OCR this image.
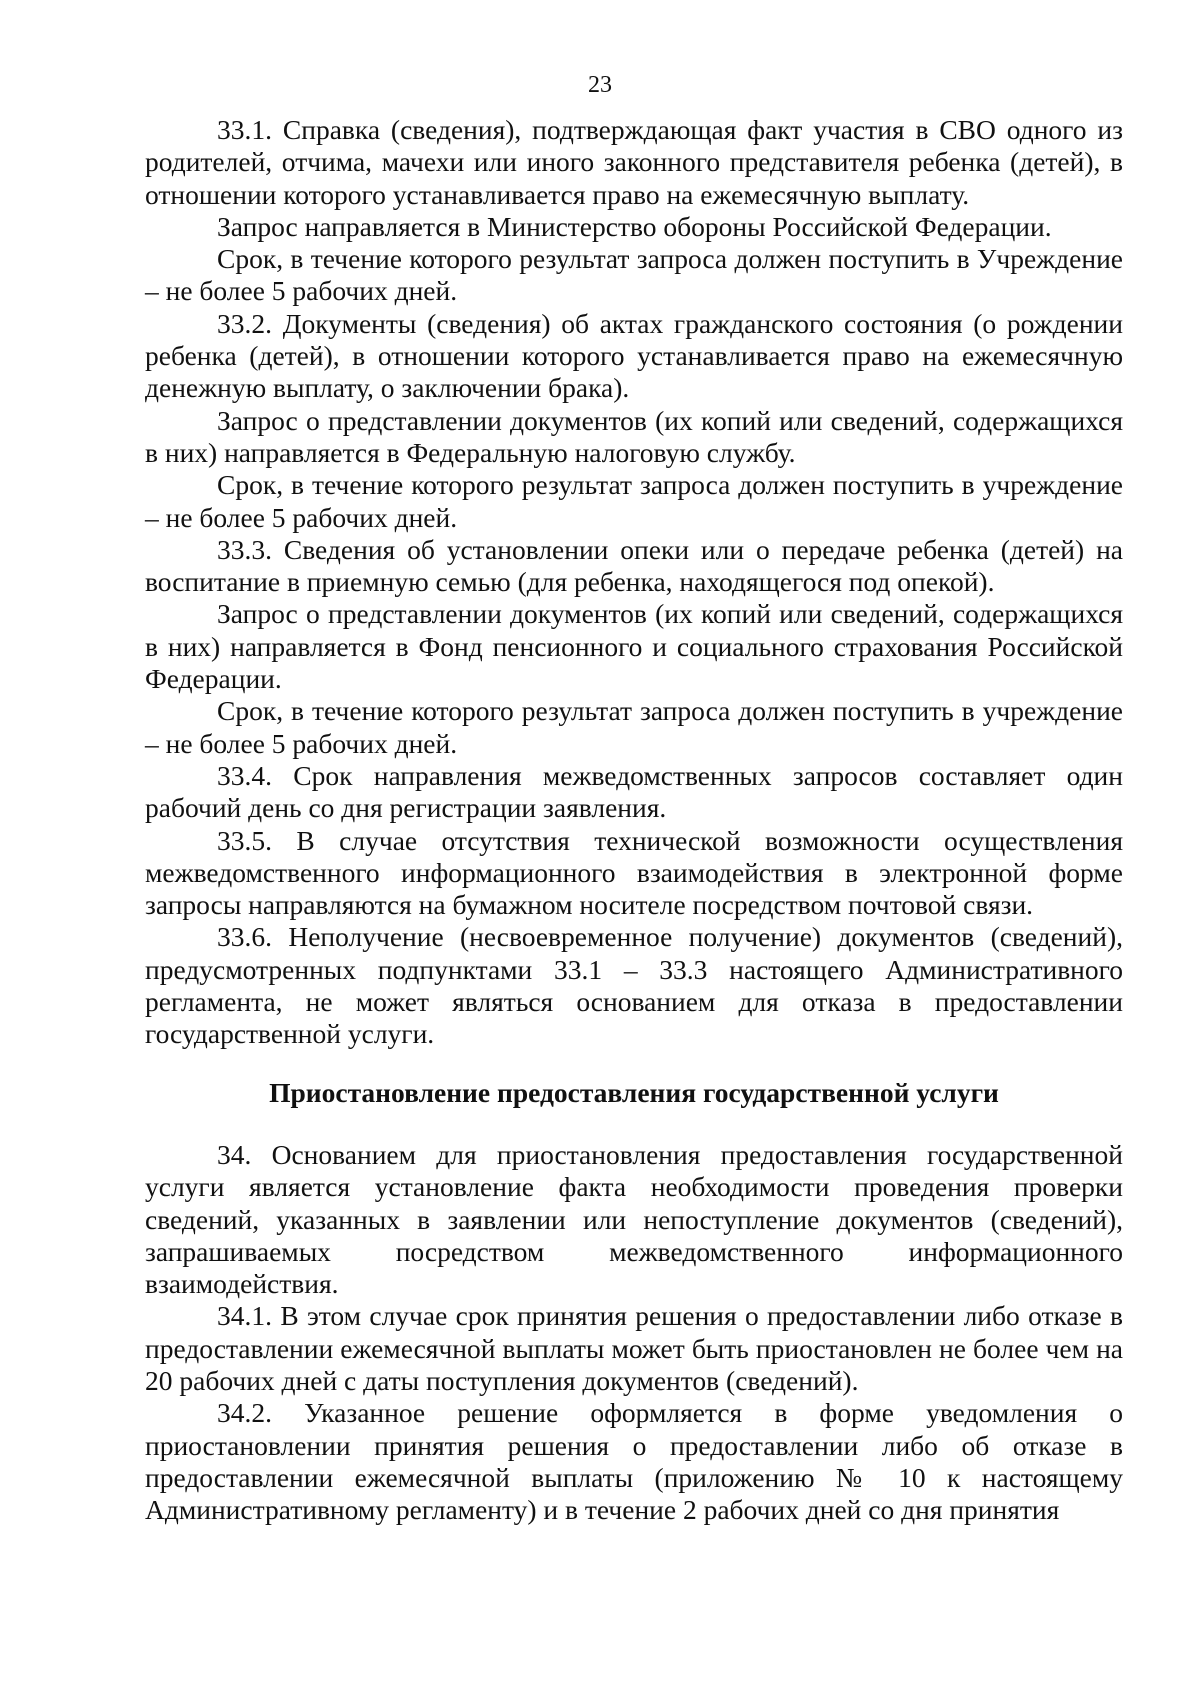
23

33.1. Справка (сведения), подтверждающая факт участия в СВО одного из родителей, отчима, мачехи или иного законного представителя ребенка (детей), в отношении которого устанавливается право на ежемесячную выплату.

Запрос направляется в Министерство обороны Российской Федерации.

Срок, в течение которого результат запроса должен поступить в Учреждение – не более 5 рабочих дней.

33.2. Документы (сведения) об актах гражданского состояния (о рождении ребенка (детей), в отношении которого устанавливается право на ежемесячную денежную выплату, о заключении брака).

Запрос о представлении документов (их копий или сведений, содержащихся в них) направляется в Федеральную налоговую службу.

Срок, в течение которого результат запроса должен поступить в учреждение – не более 5 рабочих дней.

33.3. Сведения об установлении опеки или о передаче ребенка (детей) на воспитание в приемную семью (для ребенка, находящегося под опекой).

Запрос о представлении документов (их копий или сведений, содержащихся в них) направляется в Фонд пенсионного и социального страхования Российской Федерации.

Срок, в течение которого результат запроса должен поступить в учреждение – не более 5 рабочих дней.

33.4. Срок направления межведомственных запросов составляет один рабочий день со дня регистрации заявления.

33.5. В случае отсутствия технической возможности осуществления межведомственного информационного взаимодействия в электронной форме запросы направляются на бумажном носителе посредством почтовой связи.

33.6. Неполучение (несвоевременное получение) документов (сведений), предусмотренных подпунктами 33.1 – 33.3 настоящего Административного регламента, не может являться основанием для отказа в предоставлении государственной услуги.

Приостановление предоставления государственной услуги

34. Основанием для приостановления предоставления государственной услуги является установление факта необходимости проведения проверки сведений, указанных в заявлении или непоступление документов (сведений), запрашиваемых посредством межведомственного информационного взаимодействия.

34.1. В этом случае срок принятия решения о предоставлении либо отказе в предоставлении ежемесячной выплаты может быть приостановлен не более чем на 20 рабочих дней с даты поступления документов (сведений).

34.2. Указанное решение оформляется в форме уведомления о приостановлении принятия решения о предоставлении либо об отказе в предоставлении ежемесячной выплаты (приложению № 10 к настоящему Административному регламенту) и в течение 2 рабочих дней со дня принятия
